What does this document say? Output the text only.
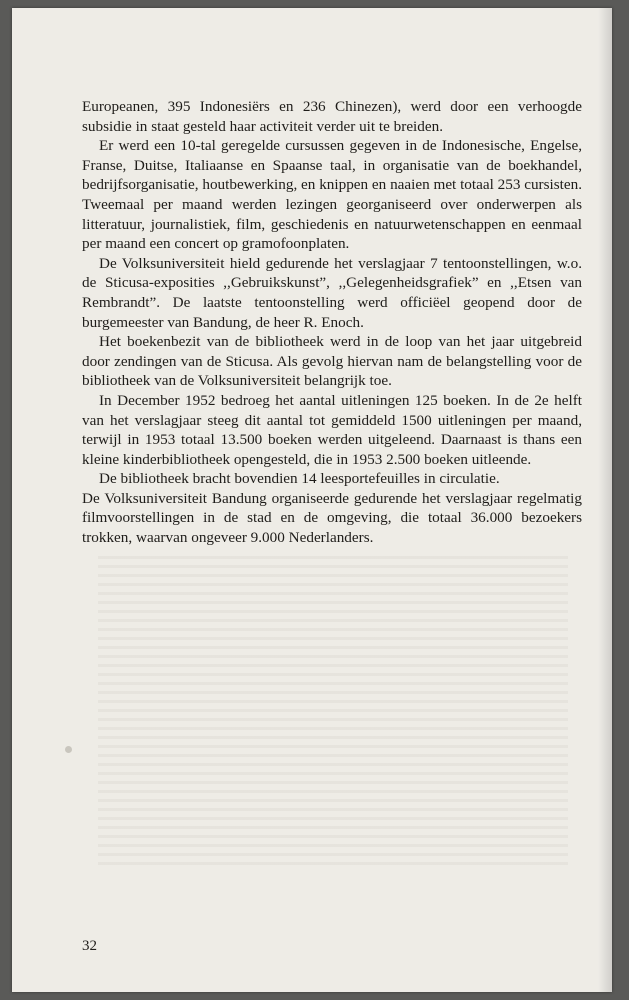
Europeanen, 395 Indonesiërs en 236 Chinezen), werd door een verhoogde subsidie in staat gesteld haar activiteit verder uit te breiden.

Er werd een 10-tal geregelde cursussen gegeven in de Indonesische, Engelse, Franse, Duitse, Italiaanse en Spaanse taal, in organisatie van de boekhandel, bedrijfsorganisatie, houtbewerking, en knippen en naaien met totaal 253 cursisten. Tweemaal per maand werden lezingen georganiseerd over onderwerpen als litteratuur, journalistiek, film, geschiedenis en natuurwetenschappen en eenmaal per maand een concert op gramofoonplaten.

De Volksuniversiteit hield gedurende het verslagjaar 7 tentoonstellingen, w.o. de Sticusa-exposities ,,Gebruikskunst”, ,,Gelegenheidsgrafiek” en ,,Etsen van Rembrandt”. De laatste tentoonstelling werd officiëel geopend door de burgemeester van Bandung, de heer R. Enoch.

Het boekenbezit van de bibliotheek werd in de loop van het jaar uitgebreid door zendingen van de Sticusa. Als gevolg hiervan nam de belangstelling voor de bibliotheek van de Volksuniversiteit belangrijk toe.

In December 1952 bedroeg het aantal uitleningen 125 boeken. In de 2e helft van het verslagjaar steeg dit aantal tot gemiddeld 1500 uitleningen per maand, terwijl in 1953 totaal 13.500 boeken werden uitgeleend. Daarnaast is thans een kleine kinderbibliotheek opengesteld, die in 1953 2.500 boeken uitleende.

De bibliotheek bracht bovendien 14 leesportefeuilles in circulatie.

De Volksuniversiteit Bandung organiseerde gedurende het verslagjaar regelmatig filmvoorstellingen in de stad en de omgeving, die totaal 36.000 bezoekers trokken, waarvan ongeveer 9.000 Nederlanders.

32
